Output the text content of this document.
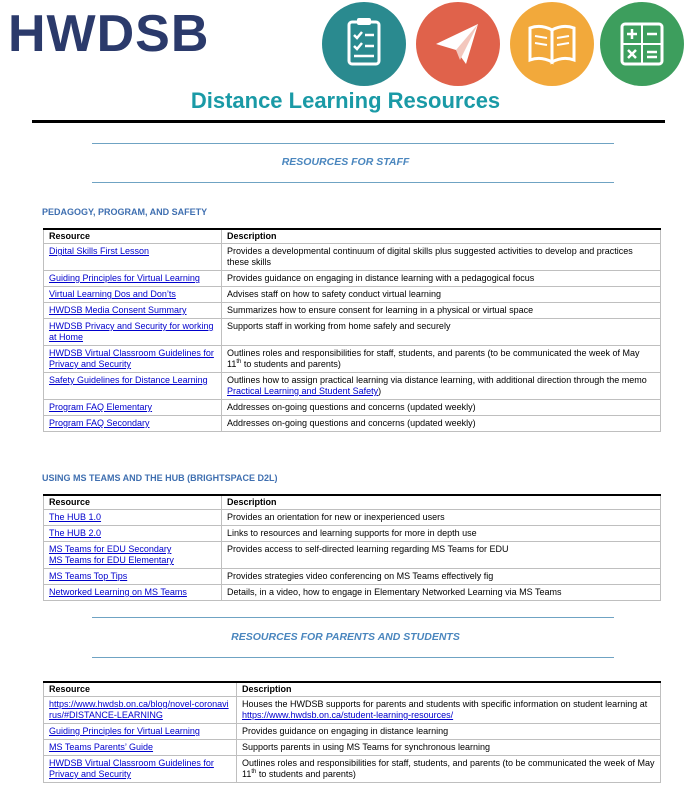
HWDSB
Distance Learning Resources
RESOURCES FOR STAFF
PEDAGOGY, PROGRAM, AND SAFETY
Resource	Description
Digital Skills First Lesson	Provides a developmental continuum of digital skills plus suggested activities to develop and practices these skills
Guiding Principles for Virtual Learning	Provides guidance on engaging in distance learning with a pedagogical focus
Virtual Learning Dos and Don’ts	Advises staff on how to safety conduct virtual learning
HWDSB Media Consent Summary	Summarizes how to ensure consent for learning in a physical or virtual space
HWDSB Privacy and Security for working at Home	Supports staff in working from home safely and securely
HWDSB Virtual Classroom Guidelines for Privacy and Security	Outlines roles and responsibilities for staff, students, and parents (to be communicated the week of May 11th to students and parents)
Safety Guidelines for Distance Learning	Outlines how to assign practical learning via distance learning, with additional direction through the memo Practical Learning and Student Safety)
Program FAQ Elementary	Addresses on-going questions and concerns (updated weekly)
Program FAQ Secondary	Addresses on-going questions and concerns (updated weekly)
USING MS TEAMS AND THE HUB (BRIGHTSPACE D2L)
Resource	Description
The HUB 1.0	Provides an orientation for new or inexperienced users
The HUB 2.0	Links to resources and learning supports for more in depth use
MS Teams for EDU Secondary
MS Teams for EDU Elementary	Provides access to self-directed learning regarding MS Teams for EDU
MS Teams Top Tips	Provides strategies video conferencing on MS Teams effectively fig
Networked Learning on MS Teams	Details, in a video, how to engage in Elementary Networked Learning via MS Teams
RESOURCES FOR PARENTS AND STUDENTS
Resource	Description
https://www.hwdsb.on.ca/blog/novel-coronavirus/#DISTANCE-LEARNING	Houses the HWDSB supports for parents and students with specific information on student learning at https://www.hwdsb.on.ca/student-learning-resources/
Guiding Principles for Virtual Learning	Provides guidance on engaging in distance learning
MS Teams Parents’ Guide	Supports parents in using MS Teams for synchronous learning
HWDSB Virtual Classroom Guidelines for Privacy and Security	Outlines roles and responsibilities for staff, students, and parents (to be communicated the week of May 11th to students and parents)
